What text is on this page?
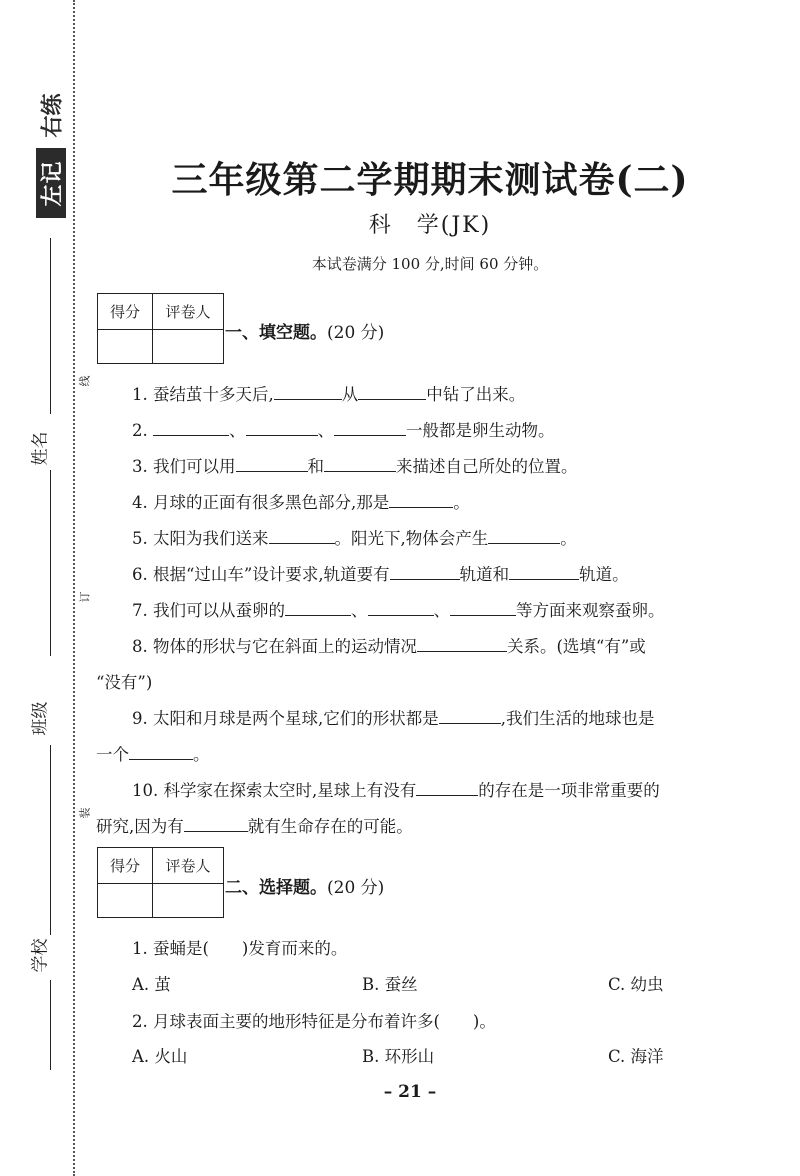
右练
左记
姓名
班级
学校
线
订
装
三年级第二学期期末测试卷(二)
科　学(JK)
本试卷满分 100 分,时间 60 分钟。
得分	评卷人

一、填空题。(20 分)
1. 蚕结茧十多天后,	从	中钻了出来。
2.	、	、	一般都是卵生动物。
3. 我们可以用	和	来描述自己所处的位置。
4. 月球的正面有很多黑色部分,那是	。
5. 太阳为我们送来	。阳光下,物体会产生	。
6. 根据“过山车”设计要求,轨道要有	轨道和	轨道。
7. 我们可以从蚕卵的	、	、	等方面来观察蚕卵。
8. 物体的形状与它在斜面上的运动情况	关系。(选填“有”或
“没有”)
9. 太阳和月球是两个星球,它们的形状都是	,我们生活的地球也是
一个	。
10. 科学家在探索太空时,星球上有没有	的存在是一项非常重要的
研究,因为有	就有生命存在的可能。
得分	评卷人

二、选择题。(20 分)
1. 蚕蛹是(　　)发育而来的。
A. 茧	B. 蚕丝	C. 幼虫
2. 月球表面主要的地形特征是分布着许多(　　)。
A. 火山	B. 环形山	C. 海洋
– 21 –
